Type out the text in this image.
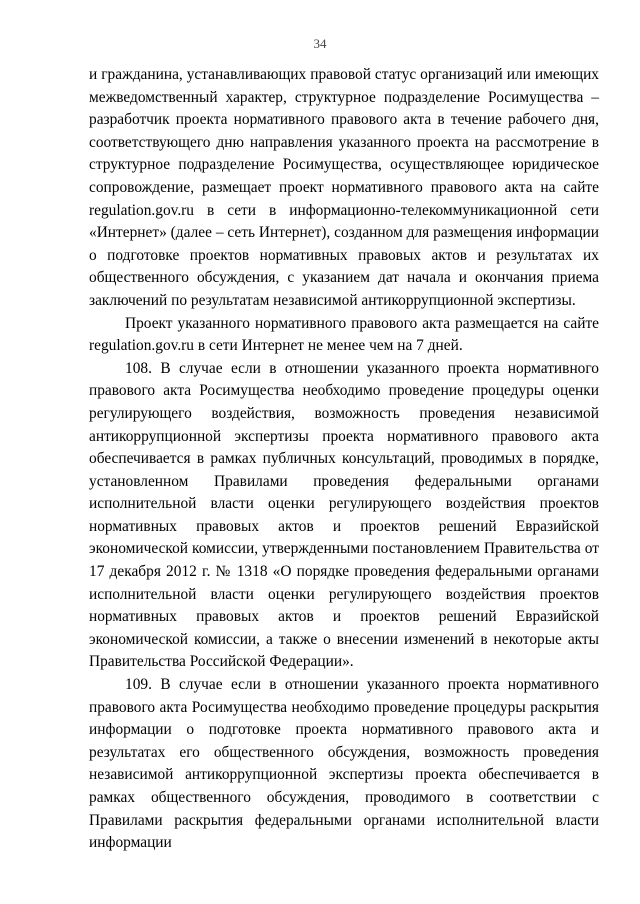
34

и гражданина, устанавливающих правовой статус организаций или имеющих межведомственный характер, структурное подразделение Росимущества – разработчик проекта нормативного правового акта в течение рабочего дня, соответствующего дню направления указанного проекта на рассмотрение в структурное подразделение Росимущества, осуществляющее юридическое сопровождение, размещает проект нормативного правового акта на сайте regulation.gov.ru в сети в информационно-телекоммуникационной сети «Интернет» (далее – сеть Интернет), созданном для размещения информации о подготовке проектов нормативных правовых актов и результатах их общественного обсуждения, с указанием дат начала и окончания приема заключений по результатам независимой антикоррупционной экспертизы.

Проект указанного нормативного правового акта размещается на сайте regulation.gov.ru в сети Интернет не менее чем на 7 дней.

108. В случае если в отношении указанного проекта нормативного правового акта Росимущества необходимо проведение процедуры оценки регулирующего воздействия, возможность проведения независимой антикоррупционной экспертизы проекта нормативного правового акта обеспечивается в рамках публичных консультаций, проводимых в порядке, установленном Правилами проведения федеральными органами исполнительной власти оценки регулирующего воздействия проектов нормативных правовых актов и проектов решений Евразийской экономической комиссии, утвержденными постановлением Правительства от 17 декабря 2012 г. № 1318 «О порядке проведения федеральными органами исполнительной власти оценки регулирующего воздействия проектов нормативных правовых актов и проектов решений Евразийской экономической комиссии, а также о внесении изменений в некоторые акты Правительства Российской Федерации».

109. В случае если в отношении указанного проекта нормативного правового акта Росимущества необходимо проведение процедуры раскрытия информации о подготовке проекта нормативного правового акта и результатах его общественного обсуждения, возможность проведения независимой антикоррупционной экспертизы проекта обеспечивается в рамках общественного обсуждения, проводимого в соответствии с Правилами раскрытия федеральными органами исполнительной власти информации
